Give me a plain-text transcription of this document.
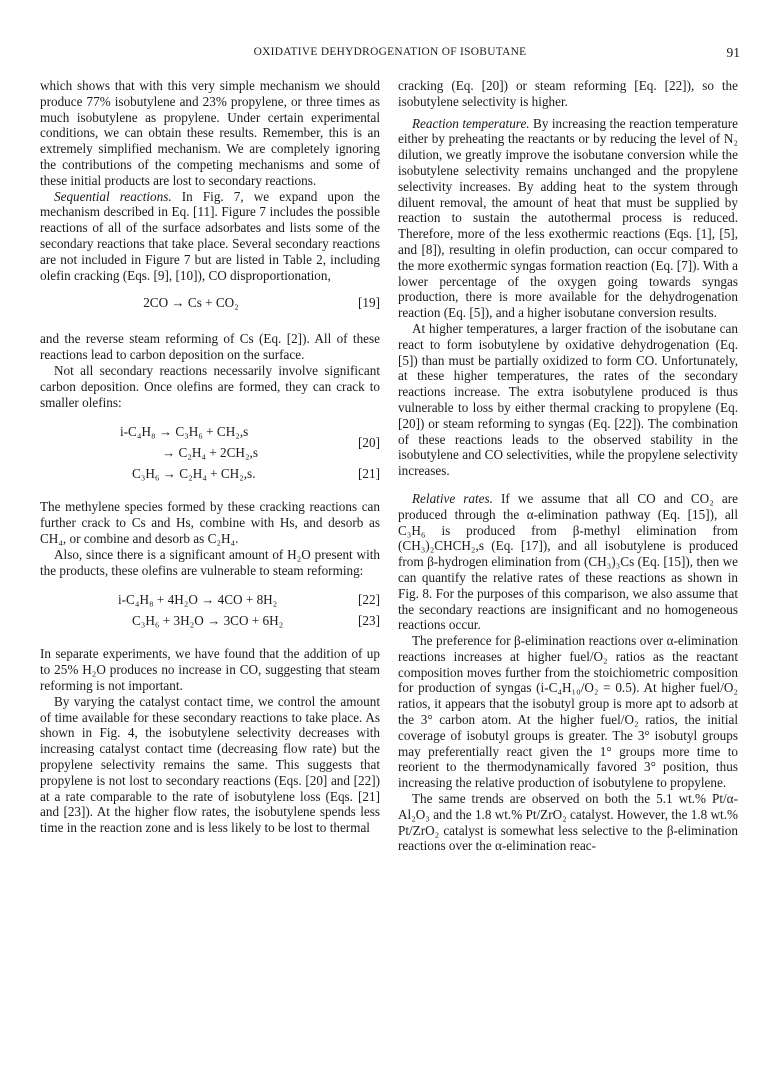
OXIDATIVE DEHYDROGENATION OF ISOBUTANE	91

which shows that with this very simple mechanism we should produce 77% isobutylene and 23% propylene, or three times as much isobutylene as propylene. Under certain experimental conditions, we can obtain these results. Remember, this is an extremely simplified mechanism. We are completely ignoring the contributions of the competing mechanisms and some of these initial products are lost to secondary reactions.

Sequential reactions. In Fig. 7, we expand upon the mechanism described in Eq. [11]. Figure 7 includes the possible reactions of all of the surface adsorbates and lists some of the secondary reactions that take place. Several secondary reactions are not included in Figure 7 but are listed in Table 2, including olefin cracking (Eqs. [9], [10]), CO disproportionation,

2CO → Cs + CO₂	[19]

and the reverse steam reforming of Cs (Eq. [2]). All of these reactions lead to carbon deposition on the surface.

Not all secondary reactions necessarily involve significant carbon deposition. Once olefins are formed, they can crack to smaller olefins:

i-C₄H₈ → C₃H₆ + CH₂,s
→ C₂H₄ + 2CH₂,s
[20]
C₃H₆ → C₂H₄ + CH₂,s.	[21]

The methylene species formed by these cracking reactions can further crack to Cs and Hs, combine with Hs, and desorb as CH₄, or combine and desorb as C₂H₄.

Also, since there is a significant amount of H₂O present with the products, these olefins are vulnerable to steam reforming:

i-C₄H₈ + 4H₂O → 4CO + 8H₂	[22]
C₃H₆ + 3H₂O → 3CO + 6H₂	[23]

In separate experiments, we have found that the addition of up to 25% H₂O produces no increase in CO, suggesting that steam reforming is not important.

By varying the catalyst contact time, we control the amount of time available for these secondary reactions to take place. As shown in Fig. 4, the isobutylene selectivity decreases with increasing catalyst contact time (decreasing flow rate) but the propylene selectivity remains the same. This suggests that propylene is not lost to secondary reactions (Eqs. [20] and [22]) at a rate comparable to the rate of isobutylene loss (Eqs. [21] and [23]). At the higher flow rates, the isobutylene spends less time in the reaction zone and is less likely to be lost to thermal

cracking (Eq. [20]) or steam reforming [Eq. [22]), so the isobutylene selectivity is higher.

Reaction temperature. By increasing the reaction temperature either by preheating the reactants or by reducing the level of N₂ dilution, we greatly improve the isobutane conversion while the isobutylene selectivity remains unchanged and the propylene selectivity increases. By adding heat to the system through diluent removal, the amount of heat that must be supplied by reaction to sustain the autothermal process is reduced. Therefore, more of the less exothermic reactions (Eqs. [1], [5], and [8]), resulting in olefin production, can occur compared to the more exothermic syngas formation reaction (Eq. [7]). With a lower percentage of the oxygen going towards syngas production, there is more available for the dehydrogenation reaction (Eq. [5]), and a higher isobutane conversion results.

At higher temperatures, a larger fraction of the isobutane can react to form isobutylene by oxidative dehydrogenation (Eq. [5]) than must be partially oxidized to form CO. Unfortunately, at these higher temperatures, the rates of the secondary reactions increase. The extra isobutylene produced is thus vulnerable to loss by either thermal cracking to propylene (Eq. [20]) or steam reforming to syngas (Eq. [22]). The combination of these reactions leads to the observed stability in the isobutylene and CO selectivities, while the propylene selectivity increases.

Relative rates. If we assume that all CO and CO₂ are produced through the α-elimination pathway (Eq. [15]), all C₃H₆ is produced from β-methyl elimination from (CH₃)₂CHCH₂,s (Eq. [17]), and all isobutylene is produced from β-hydrogen elimination from (CH₃)₃Cs (Eq. [15]), then we can quantify the relative rates of these reactions as shown in Fig. 8. For the purposes of this comparison, we also assume that the secondary reactions are insignificant and no homogeneous reactions occur.

The preference for β-elimination reactions over α-elimination reactions increases at higher fuel/O₂ ratios as the reactant composition moves further from the stoichiometric composition for production of syngas (i-C₄H₁₀/O₂ = 0.5). At higher fuel/O₂ ratios, it appears that the isobutyl group is more apt to adsorb at the 3° carbon atom. At the higher fuel/O₂ ratios, the initial coverage of isobutyl groups is greater. The 3° isobutyl groups may preferentially react given the 1° groups more time to reorient to the thermodynamically favored 3° position, thus increasing the relative production of isobutylene to propylene.

The same trends are observed on both the 5.1 wt.% Pt/α-Al₂O₃ and the 1.8 wt.% Pt/ZrO₂ catalyst. However, the 1.8 wt.% Pt/ZrO₂ catalyst is somewhat less selective to the β-elimination reactions over the α-elimination reac-
